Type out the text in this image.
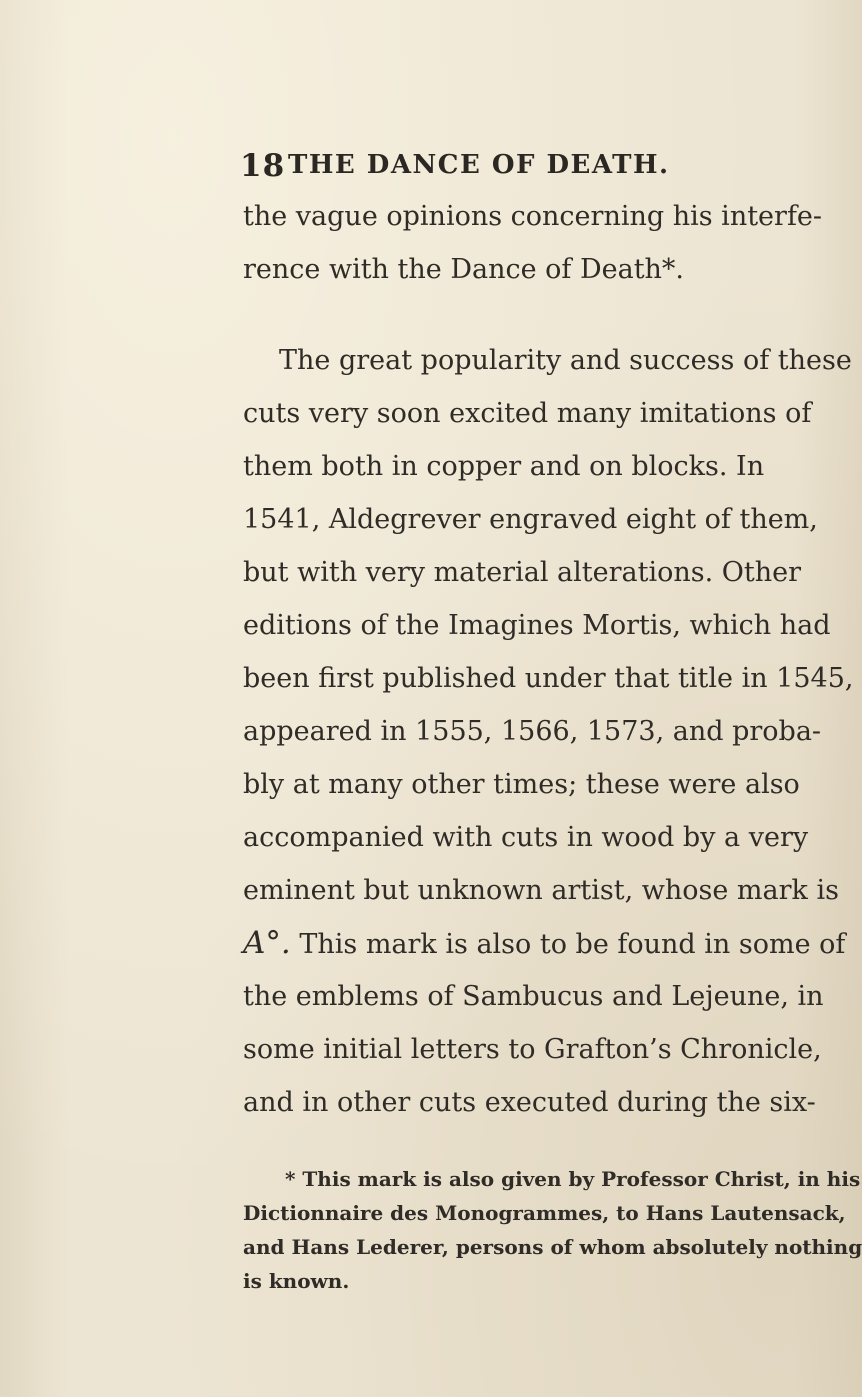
18 THE DANCE OF DEATH.
the vague opinions concerning his interfe-
rence with the Dance of Death*.
The great popularity and success of these
cuts very soon excited many imitations of
them both in copper and on blocks. In
1541, Aldegrever engraved eight of them,
but with very material alterations. Other
editions of the Imagines Mortis, which had
been first published under that title in 1545,
appeared in 1555, 1566, 1573, and proba-
bly at many other times; these were also
accompanied with cuts in wood by a very
eminent but unknown artist, whose mark is
A°. This mark is also to be found in some of
the emblems of Sambucus and Lejeune, in
some initial letters to Grafton’s Chronicle,
and in other cuts executed during the six-
* This mark is also given by Professor Christ, in his
Dictionnaire des Monogrammes, to Hans Lautensack,
and Hans Lederer, persons of whom absolutely nothing
is known.
